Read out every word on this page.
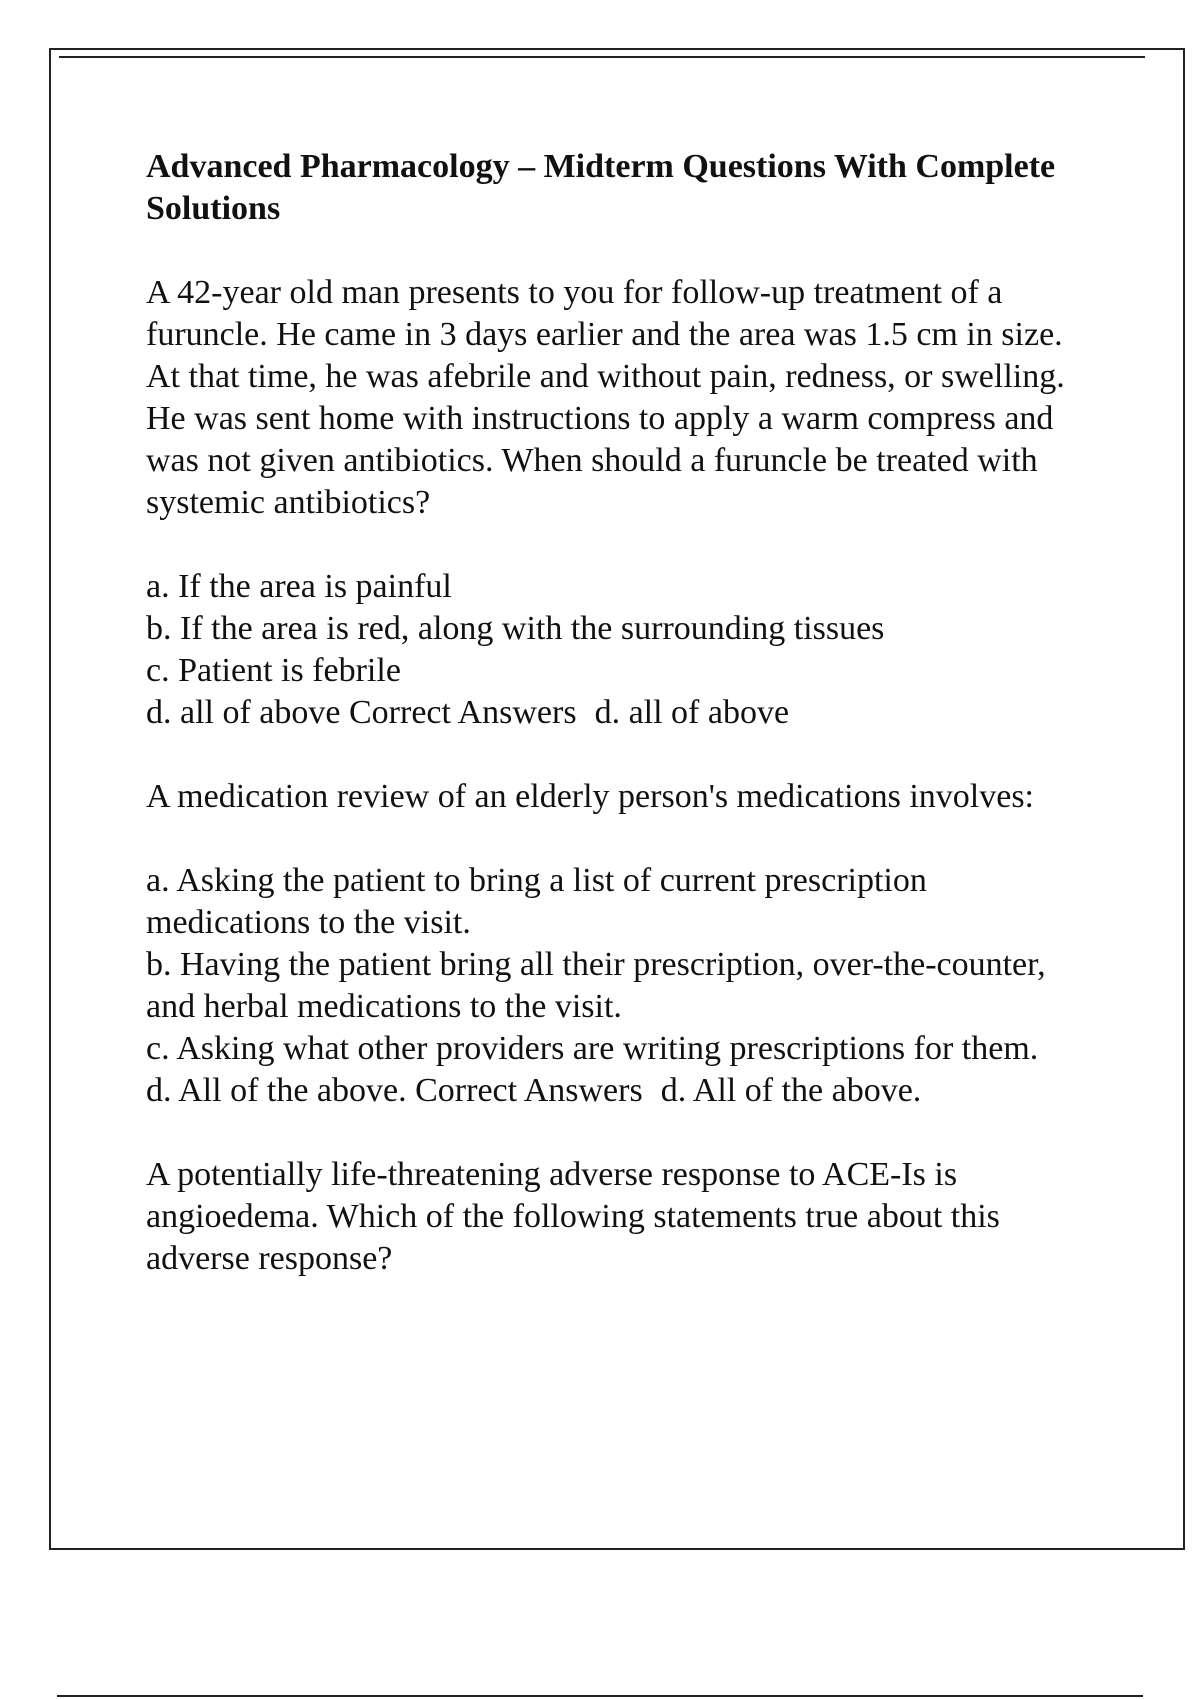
Advanced Pharmacology – Midterm Questions With Complete Solutions
A 42-year old man presents to you for follow-up treatment of a furuncle. He came in 3 days earlier and the area was 1.5 cm in size. At that time, he was afebrile and without pain, redness, or swelling. He was sent home with instructions to apply a warm compress and was not given antibiotics. When should a furuncle be treated with systemic antibiotics?
a. If the area is painful
b. If the area is red, along with the surrounding tissues
c. Patient is febrile
d. all of above Correct Answers d. all of above
A medication review of an elderly person's medications involves:
a. Asking the patient to bring a list of current prescription medications to the visit.
b. Having the patient bring all their prescription, over-the-counter, and herbal medications to the visit.
c. Asking what other providers are writing prescriptions for them.
d. All of the above. Correct Answers d. All of the above.
A potentially life-threatening adverse response to ACE-Is is angioedema. Which of the following statements true about this adverse response?
